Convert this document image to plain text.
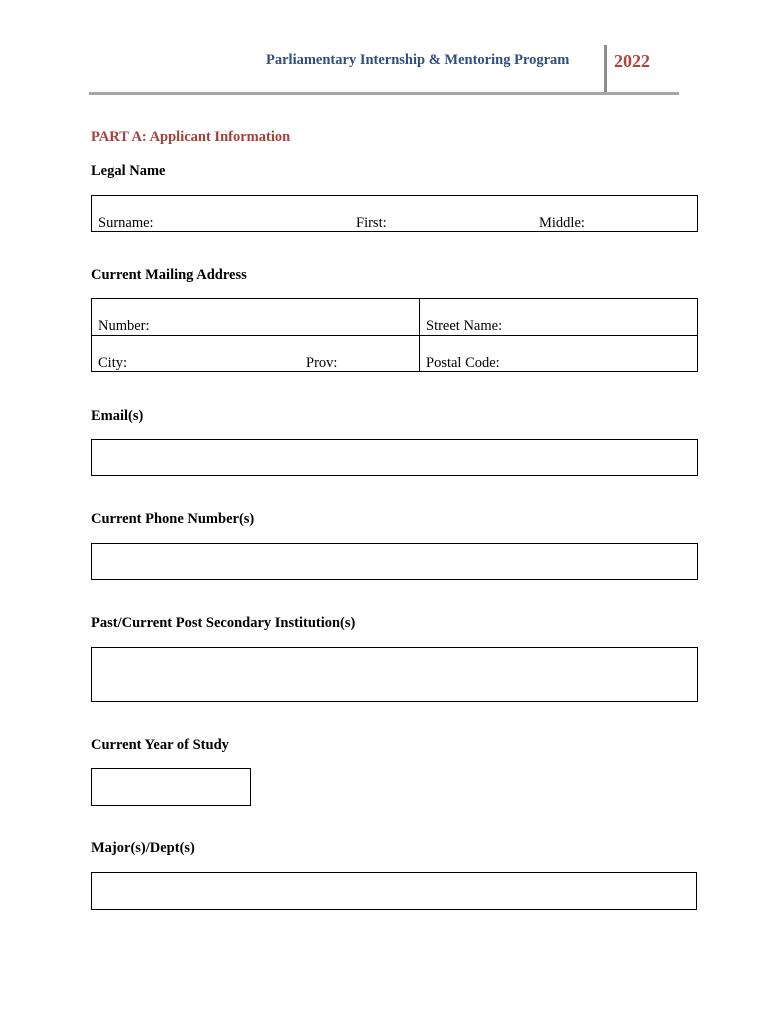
Parliamentary Internship & Mentoring Program 2022
PART A: Applicant Information
Legal Name
Surname:	First:	Middle:
Current Mailing Address
Number:	Street Name:
City:	Prov:	Postal Code:
Email(s)
Current Phone Number(s)
Past/Current Post Secondary Institution(s)
Current Year of Study
Major(s)/Dept(s)
